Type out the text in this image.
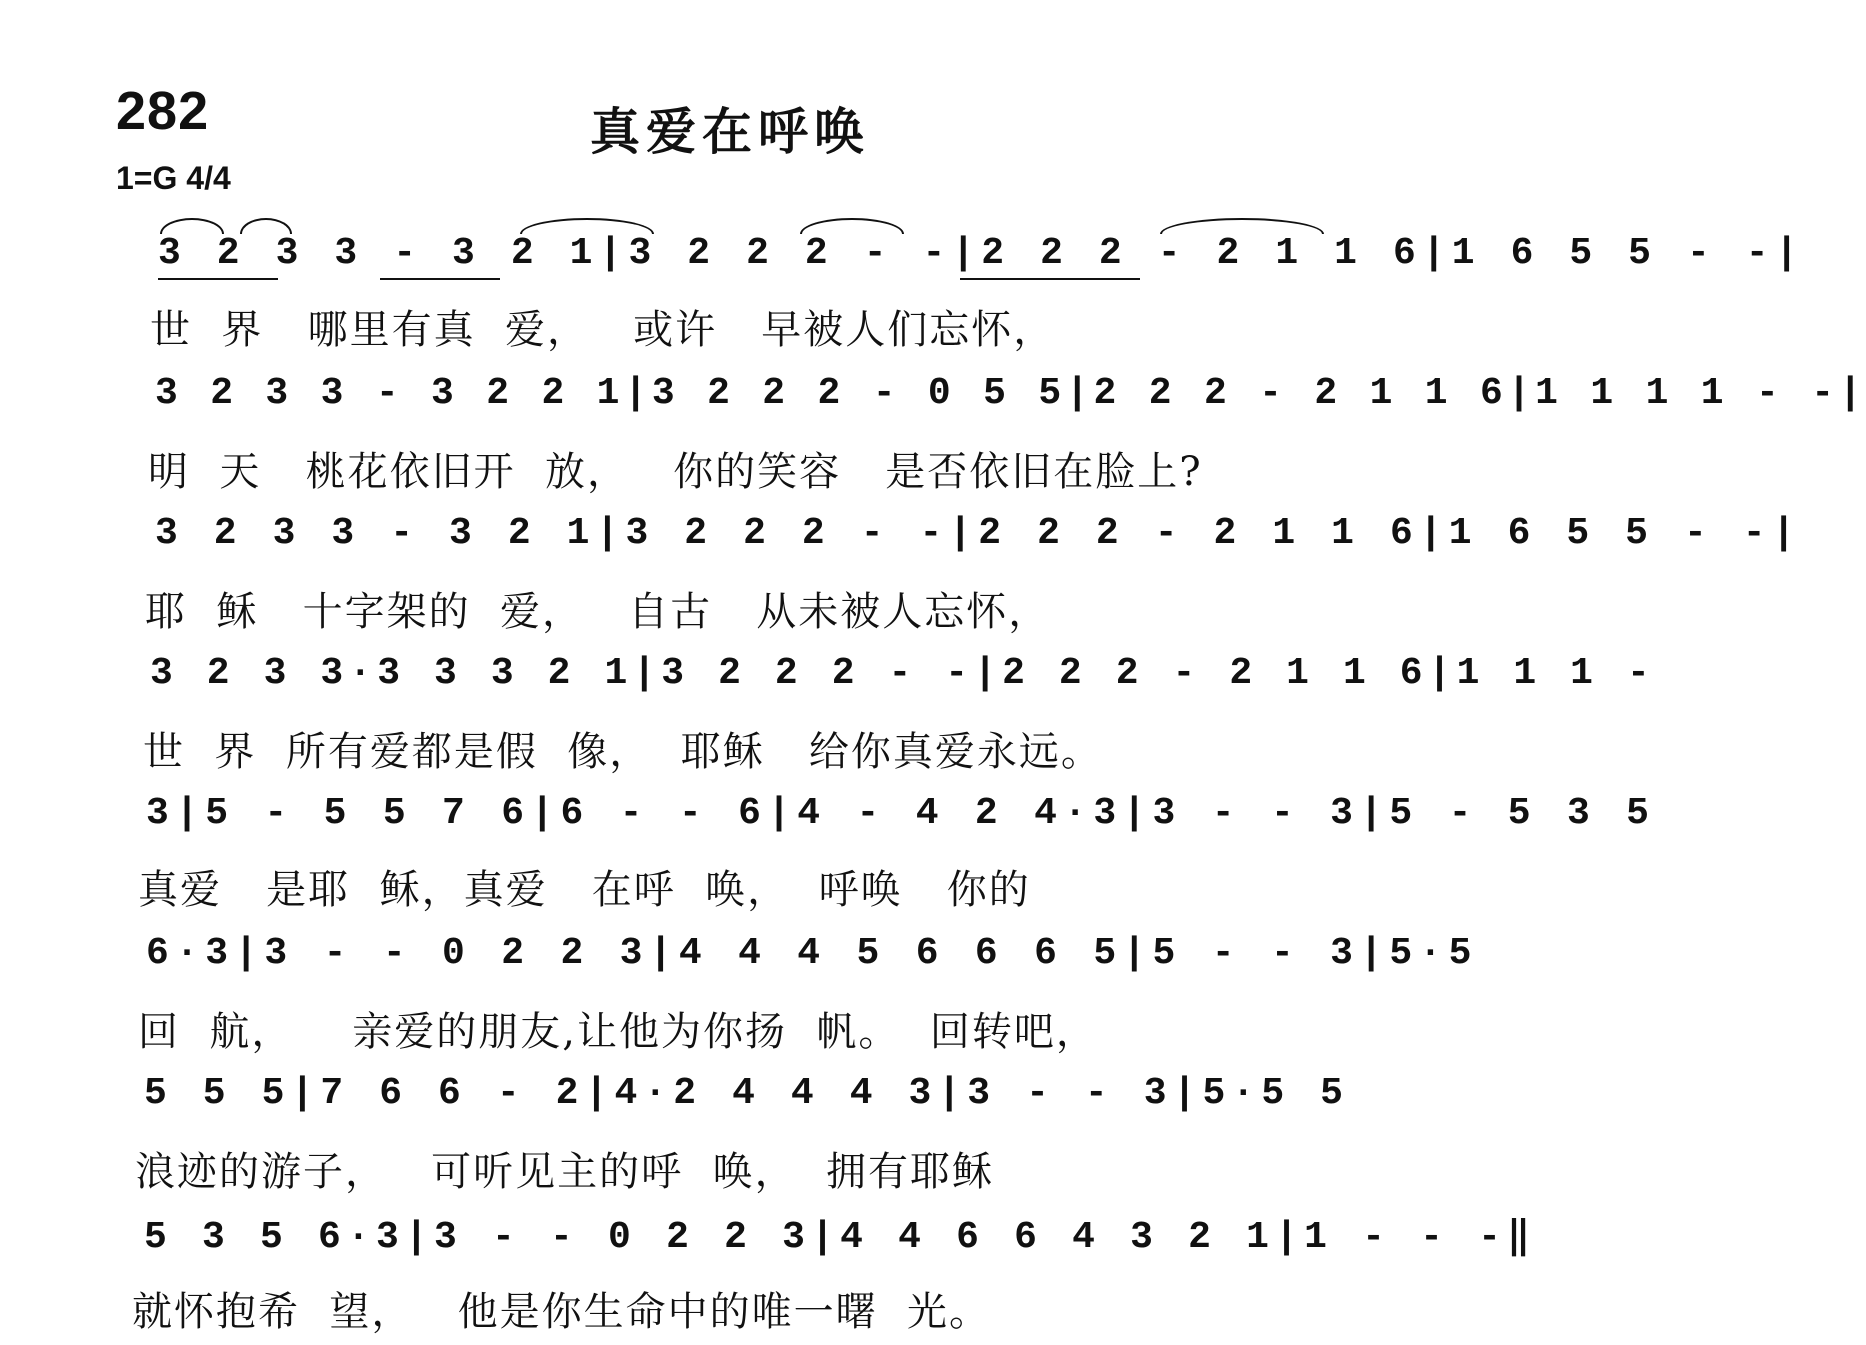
282	真爱在呼唤
1=G 4/4
3 2 3 3 - 3 2 1|3 2 2 2 - -|2 2 2 - 2 1 1 6|1 6 5 5 - -|
世  界   哪里有真  爱，   或许   早被人们忘怀，
3 2 3 3 - 3 2 2 1|3 2 2 2 - 0 5 5|2 2 2 - 2 1 1 6|1 1 1 1 - -|
明  天   桃花依旧开  放，   你的笑容   是否依旧在脸上?
3 2 3 3 - 3 2 1|3 2 2 2 - -|2 2 2 - 2 1 1 6|1 6 5 5 - -|
耶  稣   十字架的  爱，   自古   从未被人忘怀，
3 2 3 3·3 3 3 2 1|3 2 2 2 - -|2 2 2 - 2 1 1 6|1 1 1 -
世  界  所有爱都是假  像，  耶稣   给你真爱永远。
3|5 - 5 5 7 6|6 - - 6|4 - 4 2 4·3|3 - - 3|5 - 5 3 5
真爱   是耶  稣，真爱   在呼  唤，  呼唤   你的
6·3|3 - - 0 2 2 3|4 4 4 5 6 6 6 5|5 - - 3|5·5
回  航，    亲爱的朋友,让他为你扬  帆。  回转吧，
5 5 5|7 6 6 - 2|4·2 4 4 4 3|3 - - 3|5·5 5
浪迹的游子，   可听见主的呼  唤，  拥有耶稣
5 3 5 6·3|3 - - 0 2 2 3|4 4 6 6 4 3 2 1|1 - - -‖
就怀抱希  望，   他是你生命中的唯一曙  光。
